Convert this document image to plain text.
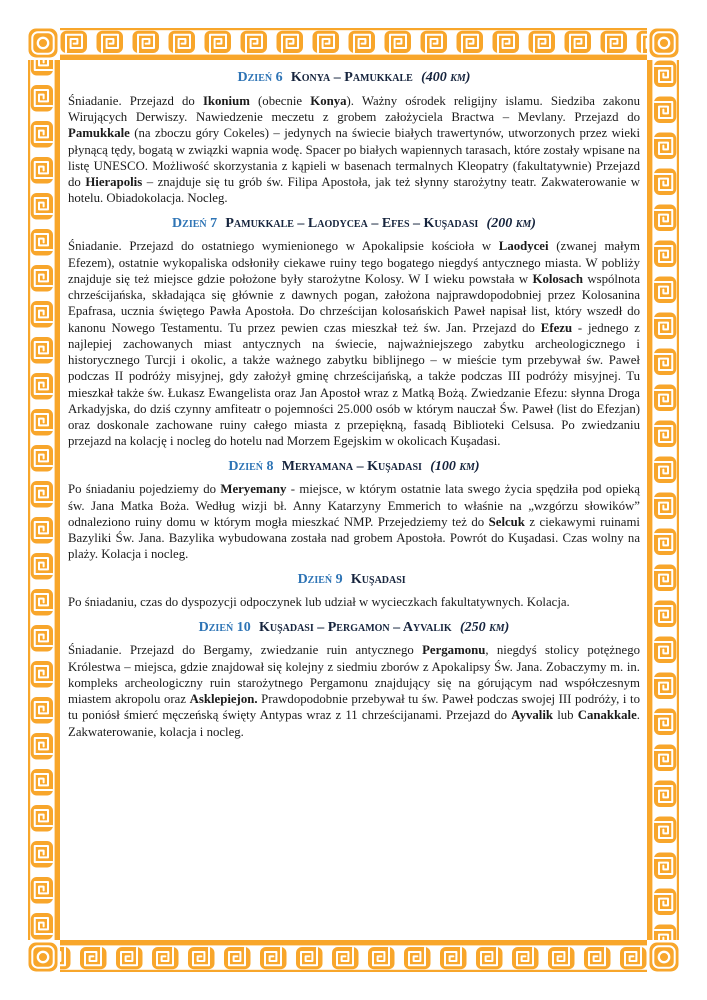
Dzień 6 Konya – Pamukkale (400 km)

Śniadanie. Przejazd do Ikonium (obecnie Konya). Ważny ośrodek religijny islamu. Siedziba zakonu Wirujących Derwiszy. Nawiedzenie meczetu z grobem założyciela Bractwa – Mevlany. Przejazd do Pamukkale (na zboczu góry Cokeles) – jedynych na świecie białych trawertynów, utworzonych przez wieki płynącą tędy, bogatą w związki wapnia wodę. Spacer po białych wapiennych tarasach, które zostały wpisane na listę UNESCO. Możliwość skorzystania z kąpieli w basenach termalnych Kleopatry (fakultatywnie) Przejazd do Hierapolis – znajduje się tu grób św. Filipa Apostoła, jak też słynny starożytny teatr. Zakwaterowanie w hotelu. Obiadokolacja. Nocleg.

Dzień 7 Pamukkale – Laodycea – Efes – Kuşadasi (200 km)

Śniadanie. Przejazd do ostatniego wymienionego w Apokalipsie kościoła w Laodycei (zwanej małym Efezem), ostatnie wykopaliska odsłoniły ciekawe ruiny tego bogatego niegdyś antycznego miasta. W pobliży znajduje się też miejsce gdzie położone były starożytne Kolosy. W I wieku powstała w Kolosach wspólnota chrześcijańska, składająca się głównie z dawnych pogan, założona najprawdopodobniej przez Kolosanina Epafrasa, ucznia świętego Pawła Apostoła. Do chrześcijan kolosańskich Paweł napisał list, który wszedł do kanonu Nowego Testamentu. Tu przez pewien czas mieszkał też św. Jan. Przejazd do Efezu - jednego z najlepiej zachowanych miast antycznych na świecie, najważniejszego zabytku archeologicznego i historycznego Turcji i okolic, a także ważnego zabytku biblijnego – w mieście tym przebywał św. Paweł podczas II podróży misyjnej, gdy założył gminę chrześcijańską, a także podczas III podróży misyjnej. Tu mieszkał także św. Łukasz Ewangelista oraz Jan Apostoł wraz z Matką Bożą. Zwiedzanie Efezu: słynna Droga Arkadyjska, do dziś czynny amfiteatr o pojemności 25.000 osób w którym nauczał Św. Paweł (list do Efezjan) oraz doskonale zachowane ruiny całego miasta z przepiękną, fasadą Biblioteki Celsusa. Po zwiedzaniu przejazd na kolację i nocleg do hotelu nad Morzem Egejskim w okolicach Kuşadasi.

Dzień 8 Meryamana – Kuşadasi (100 km)

Po śniadaniu pojedziemy do Meryemany - miejsce, w którym ostatnie lata swego życia spędziła pod opieką św. Jana Matka Boża. Według wizji bł. Anny Katarzyny Emmerich to właśnie na „wzgórzu słowików” odnaleziono ruiny domu w którym mogła mieszkać NMP. Przejedziemy też do Selcuk z ciekawymi ruinami Bazyliki Św. Jana. Bazylika wybudowana została nad grobem Apostoła. Powrót do Kuşadasi. Czas wolny na plaży. Kolacja i nocleg.

Dzień 9 Kuşadasi

Po śniadaniu, czas do dyspozycji odpoczynek lub udział w wycieczkach fakultatywnych. Kolacja.

Dzień 10 Kuşadasi – Pergamon – Ayvalik (250 km)

Śniadanie. Przejazd do Bergamy, zwiedzanie ruin antycznego Pergamonu, niegdyś stolicy potężnego Królestwa – miejsca, gdzie znajdował się kolejny z siedmiu zborów z Apokalipsy Św. Jana. Zobaczymy m. in. kompleks archeologiczny ruin starożytnego Pergamonu znajdujący się na górującym nad współczesnym miastem akropolu oraz Asklepiejon. Prawdopodobnie przebywał tu św. Paweł podczas swojej III podróży, i to tu poniósł śmierć męczeńską święty Antypas wraz z 11 chrześcijanami. Przejazd do Ayvalik lub Canakkale. Zakwaterowanie, kolacja i nocleg.
